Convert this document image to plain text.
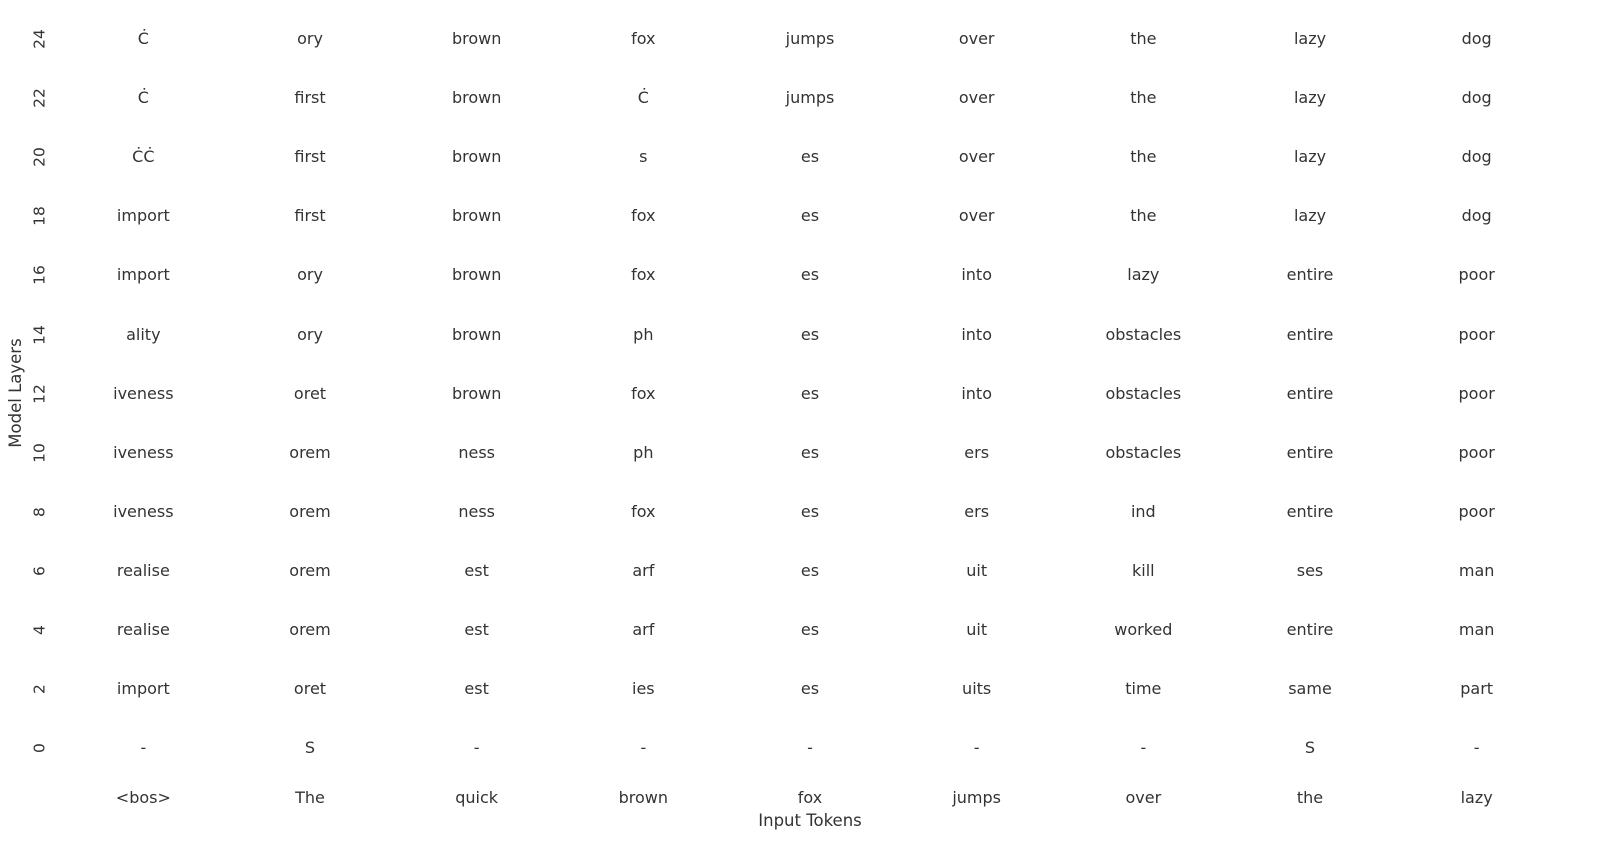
Model Layers
Input Tokens
24	Ċ	ory	brown	fox	jumps	over	the	lazy	dog
22	Ċ	first	brown	Ċ	jumps	over	the	lazy	dog
20	ĊĊ	first	brown	s	es	over	the	lazy	dog
18	import	first	brown	fox	es	over	the	lazy	dog
16	import	ory	brown	fox	es	into	lazy	entire	poor
14	ality	ory	brown	ph	es	into	obstacles	entire	poor
12	iveness	oret	brown	fox	es	into	obstacles	entire	poor
10	iveness	orem	ness	ph	es	ers	obstacles	entire	poor
8	iveness	orem	ness	fox	es	ers	ind	entire	poor
6	realise	orem	est	arf	es	uit	kill	ses	man
4	realise	orem	est	arf	es	uit	worked	entire	man
2	import	oret	est	ies	es	uits	time	same	part
0	-	S	-	-	-	-	-	S	-
<bos>	The	quick	brown	fox	jumps	over	the	lazy
